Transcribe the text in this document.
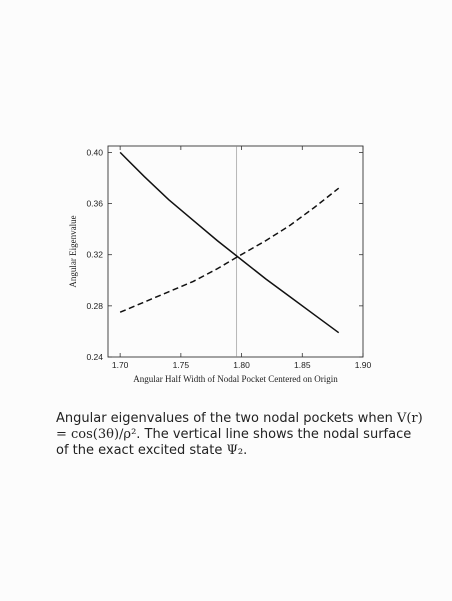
1.70	1.75	1.80	1.85	1.90
0.24
0.28
0.32
0.36
0.40
Angular Half Width of Nodal Pocket Centered on Origin
Angular Eigenvalue

Angular eigenvalues of the two nodal pockets when V(r) = cos(3θ)/ρ². The vertical line shows the nodal surface of the exact excited state Ψ₂.
